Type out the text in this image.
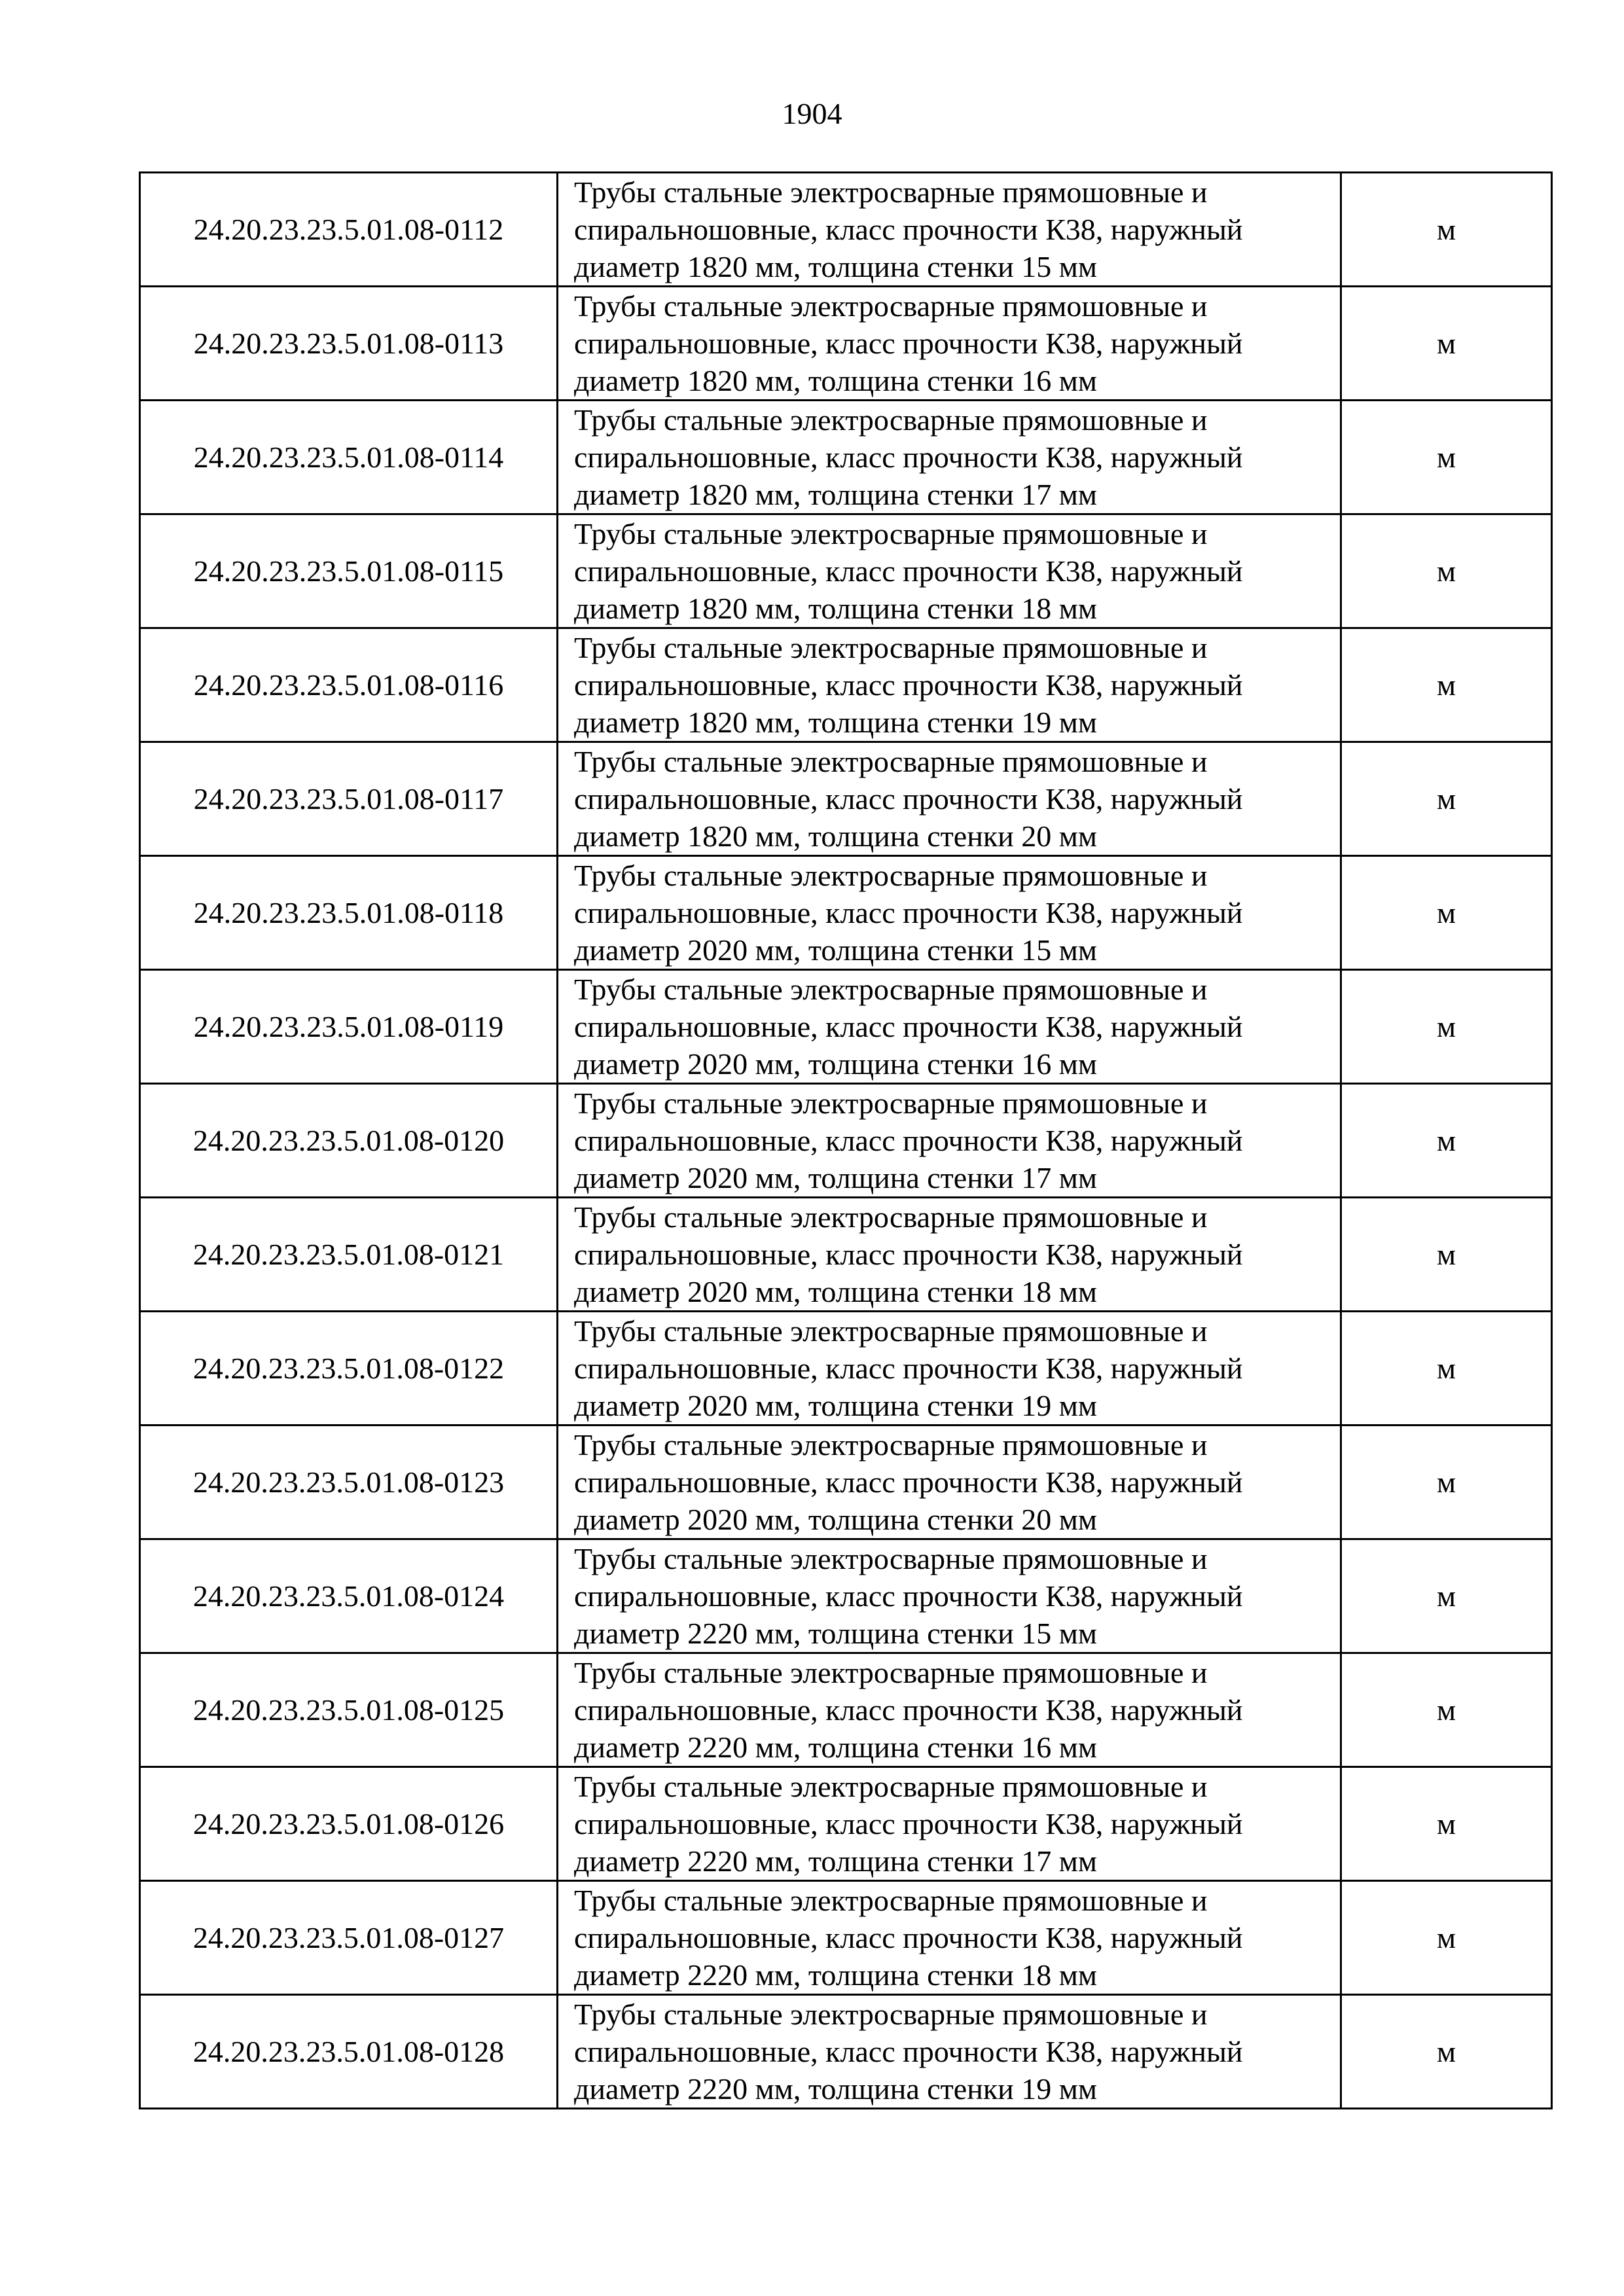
1904
24.20.23.23.5.01.08-0112	Трубы стальные электросварные прямошовные и
спиральношовные, класс прочности К38, наружный
диаметр 1820 мм, толщина стенки 15 мм	м
24.20.23.23.5.01.08-0113	Трубы стальные электросварные прямошовные и
спиральношовные, класс прочности К38, наружный
диаметр 1820 мм, толщина стенки 16 мм	м
24.20.23.23.5.01.08-0114	Трубы стальные электросварные прямошовные и
спиральношовные, класс прочности К38, наружный
диаметр 1820 мм, толщина стенки 17 мм	м
24.20.23.23.5.01.08-0115	Трубы стальные электросварные прямошовные и
спиральношовные, класс прочности К38, наружный
диаметр 1820 мм, толщина стенки 18 мм	м
24.20.23.23.5.01.08-0116	Трубы стальные электросварные прямошовные и
спиральношовные, класс прочности К38, наружный
диаметр 1820 мм, толщина стенки 19 мм	м
24.20.23.23.5.01.08-0117	Трубы стальные электросварные прямошовные и
спиральношовные, класс прочности К38, наружный
диаметр 1820 мм, толщина стенки 20 мм	м
24.20.23.23.5.01.08-0118	Трубы стальные электросварные прямошовные и
спиральношовные, класс прочности К38, наружный
диаметр 2020 мм, толщина стенки 15 мм	м
24.20.23.23.5.01.08-0119	Трубы стальные электросварные прямошовные и
спиральношовные, класс прочности К38, наружный
диаметр 2020 мм, толщина стенки 16 мм	м
24.20.23.23.5.01.08-0120	Трубы стальные электросварные прямошовные и
спиральношовные, класс прочности К38, наружный
диаметр 2020 мм, толщина стенки 17 мм	м
24.20.23.23.5.01.08-0121	Трубы стальные электросварные прямошовные и
спиральношовные, класс прочности К38, наружный
диаметр 2020 мм, толщина стенки 18 мм	м
24.20.23.23.5.01.08-0122	Трубы стальные электросварные прямошовные и
спиральношовные, класс прочности К38, наружный
диаметр 2020 мм, толщина стенки 19 мм	м
24.20.23.23.5.01.08-0123	Трубы стальные электросварные прямошовные и
спиральношовные, класс прочности К38, наружный
диаметр 2020 мм, толщина стенки 20 мм	м
24.20.23.23.5.01.08-0124	Трубы стальные электросварные прямошовные и
спиральношовные, класс прочности К38, наружный
диаметр 2220 мм, толщина стенки 15 мм	м
24.20.23.23.5.01.08-0125	Трубы стальные электросварные прямошовные и
спиральношовные, класс прочности К38, наружный
диаметр 2220 мм, толщина стенки 16 мм	м
24.20.23.23.5.01.08-0126	Трубы стальные электросварные прямошовные и
спиральношовные, класс прочности К38, наружный
диаметр 2220 мм, толщина стенки 17 мм	м
24.20.23.23.5.01.08-0127	Трубы стальные электросварные прямошовные и
спиральношовные, класс прочности К38, наружный
диаметр 2220 мм, толщина стенки 18 мм	м
24.20.23.23.5.01.08-0128	Трубы стальные электросварные прямошовные и
спиральношовные, класс прочности К38, наружный
диаметр 2220 мм, толщина стенки 19 мм	м
